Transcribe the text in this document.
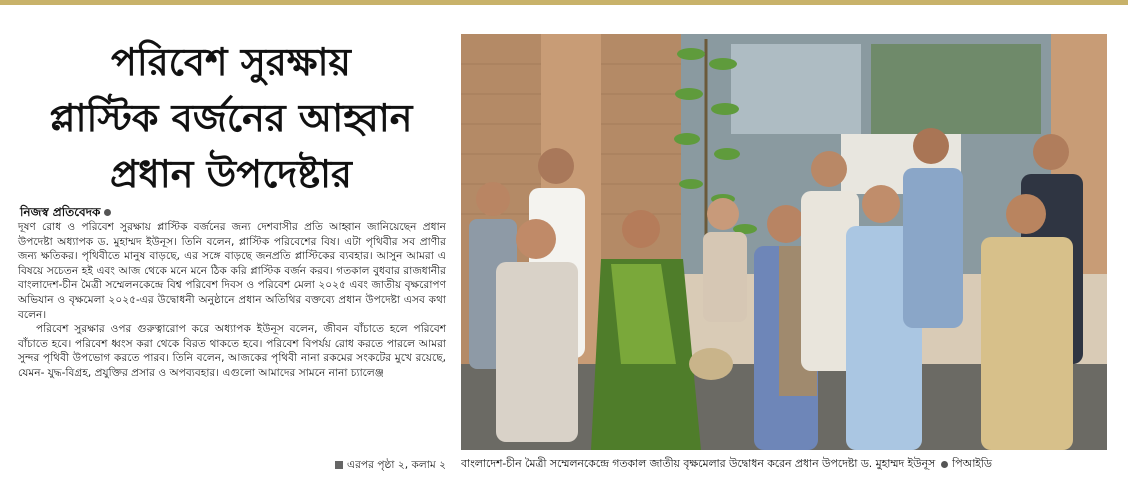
পরিবেশ সুরক্ষায়
প্লাস্টিক বর্জনের আহ্বান
প্রধান উপদেষ্টার
নিজস্ব প্রতিবেদক

দূষণ রোধ ও পরিবেশ সুরক্ষায় প্লাস্টিক বর্জনের জন্য দেশবাসীর প্রতি আহ্বান জানিয়েছেন প্রধান উপদেষ্টা অধ্যাপক ড. মুহাম্মদ ইউনূস। তিনি বলেন, প্লাস্টিক পরিবেশের বিষ। এটা পৃথিবীর সব প্রাণীর জন্য ক্ষতিকর। পৃথিবীতে মানুষ বাড়ছে, এর সঙ্গে বাড়ছে জনপ্রতি প্লাস্টিকের ব্যবহার। আসুন আমরা এ বিষয়ে সচেতন হই এবং আজ থেকে মনে মনে ঠিক করি প্লাস্টিক বর্জন করব। গতকাল বুধবার রাজধানীর বাংলাদেশ-চীন মৈত্রী সম্মেলনকেন্দ্রে বিশ্ব পরিবেশ দিবস ও পরিবেশ মেলা ২০২৫ এবং জাতীয় বৃক্ষরোপণ অভিযান ও বৃক্ষমেলা ২০২৫-এর উদ্বোধনী অনুষ্ঠানে প্রধান অতিথির বক্তব্যে প্রধান উপদেষ্টা এসব কথা বলেন।

পরিবেশ সুরক্ষার ওপর গুরুত্বারোপ করে অধ্যাপক ইউনূস বলেন, জীবন বাঁচাতে হলে পরিবেশ বাঁচাতে হবে। পরিবেশ ধ্বংস করা থেকে বিরত থাকতে হবে। পরিবেশ বিপর্যয় রোধ করতে পারলে আমরা সুন্দর পৃথিবী উপভোগ করতে পারব। তিনি বলেন, আজকের পৃথিবী নানা রকমের সংকটের মুখে রয়েছে, যেমন- যুদ্ধ-বিগ্রহ, প্রযুক্তির প্রসার ও অপব্যবহার। এগুলো আমাদের সামনে নানা চ্যালেঞ্জ

এরপর পৃষ্ঠা ২, কলাম ২ বাংলাদেশ-চীন মৈত্রী সম্মেলনকেন্দ্রে গতকাল জাতীয় বৃক্ষমেলার উদ্বোধন করেন প্রধান উপদেষ্টা ড. মুহাম্মদ ইউনূস পিআইডি
